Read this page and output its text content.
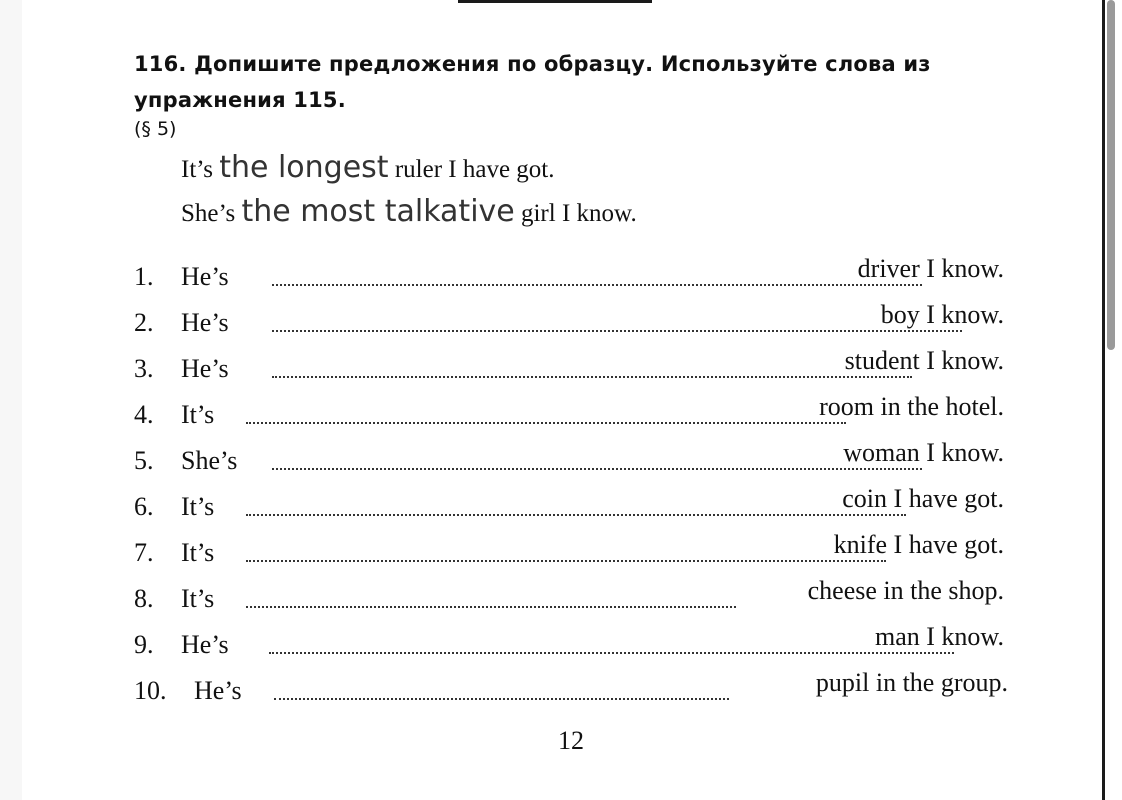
116. Допишите предложения по образцу. Используйте слова из
упражнения 115.
(§ 5)
It’s the longest ruler I have got.
She’s the most talkative girl I know.
1. He’s	driver I know.
2. He’s	boy I know.
3. He’s	student I know.
4. It’s	room in the hotel.
5. She’s	woman I know.
6. It’s	coin I have got.
7. It’s	knife I have got.
8. It’s	cheese in the shop.
9. He’s	man I know.
10. He’s	pupil in the group.
12
